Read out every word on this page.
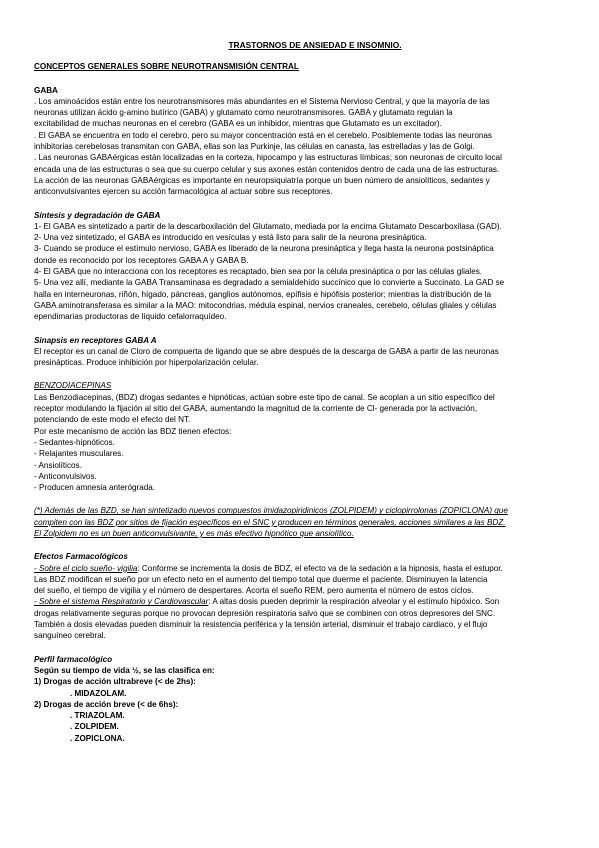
TRASTORNOS DE ANSIEDAD E INSOMNIO.

CONCEPTOS GENERALES SOBRE NEUROTRANSMISIÓN CENTRAL

GABA

. Los aminoácidos están entre los neurotransmisores más abundantes en el Sistema Nervioso Central, y que la mayoría de las

neuronas utilizan ácido g-amino butírico (GABA) y glutamato como neurotransmisores. GABA y glutamato regulan la

excitabilidad de muchas neuronas en el cerebro (GABA es un inhibidor, mientras que Glutamato es un excitador).

. El GABA se encuentra en todo el cerebro, pero su mayor concentración está en el cerebelo. Posiblemente todas las neuronas

inhibitorias cerebelosas transmitan con GABA, ellas son las Purkinje, las células en canasta, las estrelladas y las de Golgi.

. Las neuronas GABAérgicas están localizadas en la corteza, hipocampo y las estructuras límbicas; son neuronas de circuito local

encada una de las estructuras o sea que su cuerpo celular y sus axones están contenidos dentro de cada una de las estructuras.

La acción de las neuronas GABAérgicas es importante en neuropsiquiatría porque un buen número de ansiolíticos, sedantes y

anticonvulsivantes ejercen su acción farmacológica al actuar sobre sus receptores.

Síntesis y degradación de GABA

1- El GABA es sintetizado a partir de la descarboxilación del Glutamato, mediada por la encima Glutamato Descarboxilasa (GAD).

2- Una vez sintetizado, el GABA es introducido en vesículas y está listo para salir de la neurona presináptica.

3- Cuando se produce el estímulo nervioso, GABA es liberado de la neurona presináptica y llega hasta la neurona postsináptica

donde es reconocido por los receptores GABA A y GABA B.

4- El GABA que no interacciona con los receptores es recaptado, bien sea por la célula presináptica o por las células gliales.

5- Una vez allí, mediante la GABA Transaminasa es degradado a semialdehído succínico que lo convierte a Succinato. La GAD se

halla en interneuronas, riñón, hígado, páncreas, ganglios autónomos, epífisis e hipófisis posterior; mientras la distribución de la

GABA aminotransferasa es similar a la MAO: mitocondrias, médula espinal, nervios craneales, cerebelo, células gliales y células

ependimarias productoras de líquido cefalorraquídeo.

Sinapsis en receptores GABA A

El receptor es un canal de Cloro de compuerta de ligando que se abre después de la descarga de GABA a partir de las neuronas

presinápticas. Produce inhibición por hiperpolarización celular.

BENZODIACEPINAS

Las Benzodiacepinas, (BDZ) drogas sedantes e hipnóticas, actúan sobre este tipo de canal. Se acoplan a un sitio específico del

receptor modulando la fijación al sitio del GABA, aumentando la magnitud de la corriente de Cl- generada por la activación,

potenciando de este modo el efecto del NT.

Por este mecanismo de acción las BDZ tienen efectos:

- Sedantes-hipnóticos.

- Relajantes musculares.

- Ansiolíticos.

- Anticonvulsivos.

- Producen amnesia anterógrada.

(*) Además de las BZD, se han sintetizado nuevos compuestos imidazopiridinicos (ZOLPIDEM) y ciclopirrolonas (ZOPICLONA) que

compiten con las BDZ por sitios de fijación específicos en el SNC y producen en términos generales, acciones similares a las BDZ.

El Zolpidem no es un buen anticonvulsivante, y es más efectivo hipnótico que ansiolítico.

Efectos Farmacológicos

- Sobre el ciclo sueño- vigilia: Conforme se incrementa la dosis de BDZ, el efecto va de la sedación a la hipnosis, hasta el estupor.

Las BDZ modifican el sueño por un efecto neto en el aumento del tiempo total que duerme el paciente. Disminuyen la latencia

del sueño, el tiempo de vigilia y el número de despertares. Acorta el sueño REM, pero aumenta el número de estos ciclos.

- Sobre el sistema Respiratorio y Cardiovascular: A altas dosis pueden deprimir la respiración alveolar y el estímulo hipóxico. Son

drogas relativamente seguras porque no provocan depresión respiratoria salvo que se combinen con otros depresores del SNC.

También a dosis elevadas pueden disminuir la resistencia periférica y la tensión arterial, disminuir el trabajo cardiaco, y el flujo

sanguíneo cerebral.

Perfil farmacológico

Según su tiempo de vida ½, se las clasifica en:

1) Drogas de acción ultrabreve (< de 2hs):

. MIDAZOLAM.

2) Drogas de acción breve (< de 6hs):

. TRIAZOLAM.

. ZOLPIDEM.

. ZOPICLONA.
